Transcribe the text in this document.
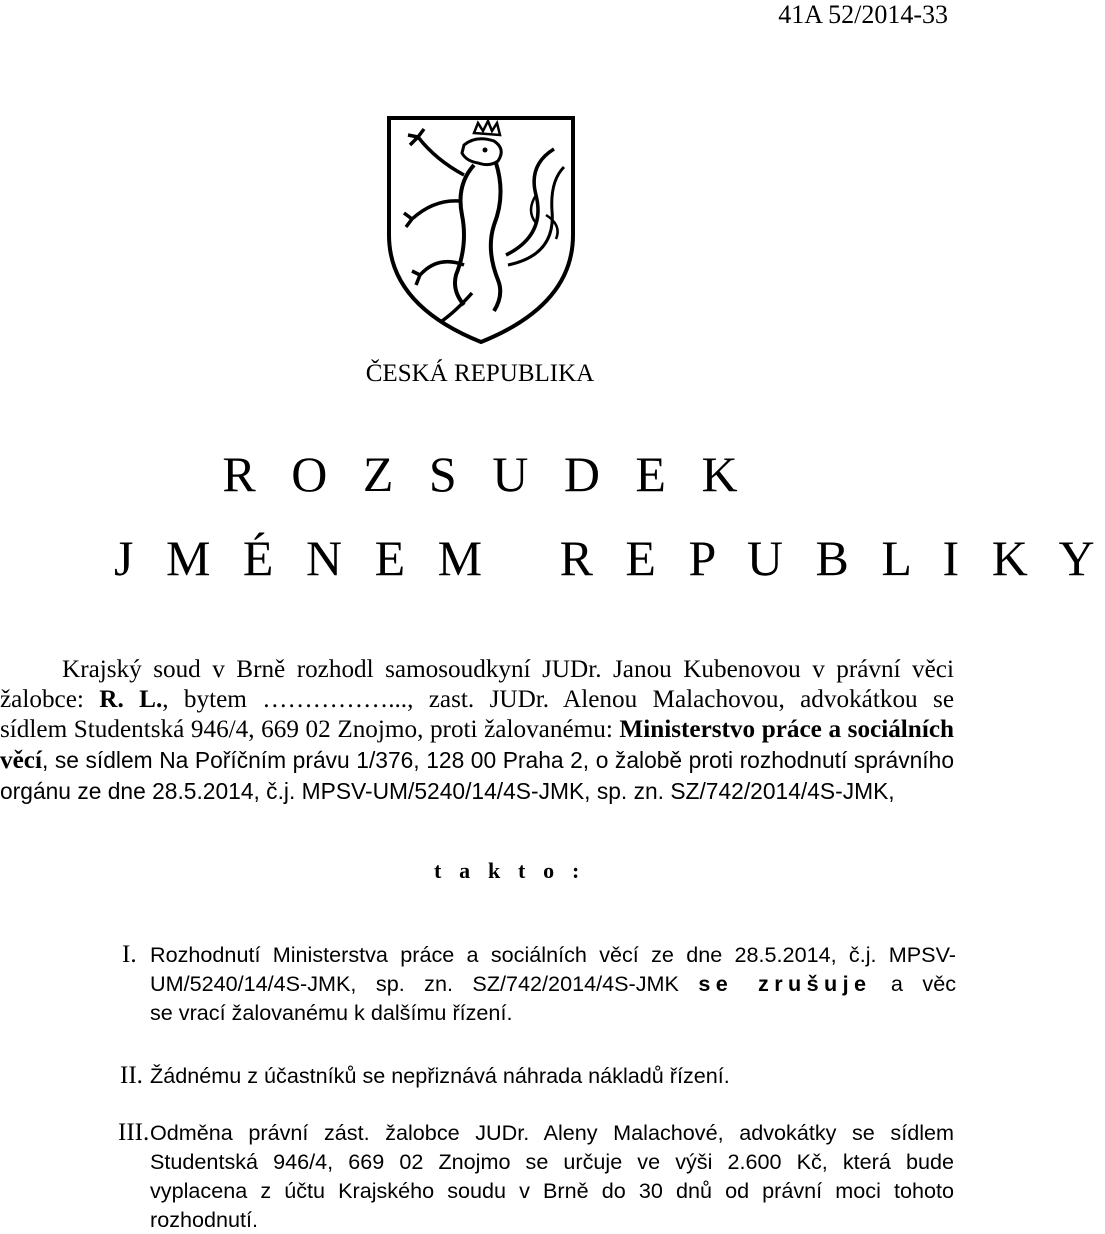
41A 52/2014-33
ČESKÁ REPUBLIKA
R O Z S U D E K
J M É N E M   R E P U B L I K Y
Krajský soud v Brně rozhodl samosoudkyní JUDr. Janou Kubenovou v právní věci
žalobce: R. L., bytem ……………..., zast. JUDr. Alenou Malachovou, advokátkou se
sídlem Studentská 946/4, 669 02 Znojmo, proti žalovanému: Ministerstvo práce a sociálních
věcí, se sídlem Na Poříčním právu 1/376, 128 00 Praha 2, o žalobě proti rozhodnutí správního
orgánu ze dne 28.5.2014, č.j. MPSV-UM/5240/14/4S-JMK, sp. zn. SZ/742/2014/4S-JMK,
t a k t o :
I. Rozhodnutí Ministerstva práce a sociálních věcí ze dne 28.5.2014, č.j. MPSV-
UM/5240/14/4S-JMK, sp. zn. SZ/742/2014/4S-JMK se zrušuje a věc
se vrací žalovanému k dalšímu řízení.
II. Žádnému z účastníků se nepřiznává náhrada nákladů řízení.
III. Odměna právní zást. žalobce JUDr. Aleny Malachové, advokátky se sídlem
Studentská 946/4, 669 02 Znojmo se určuje ve výši 2.600 Kč, která bude
vyplacena z účtu Krajského soudu v Brně do 30 dnů od právní moci tohoto
rozhodnutí.
